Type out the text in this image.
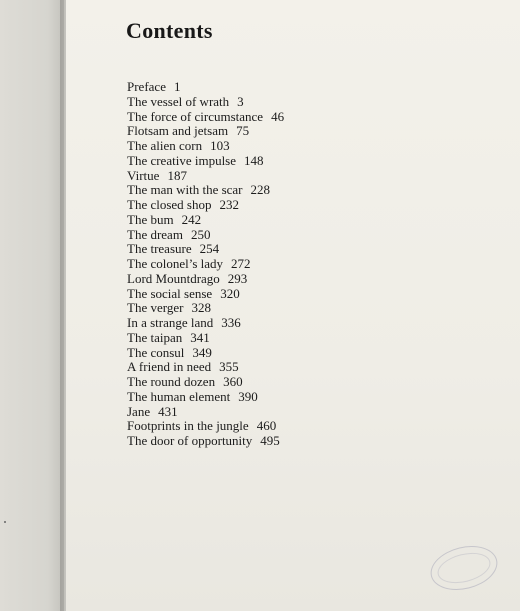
Contents
Preface 1
The vessel of wrath 3
The force of circumstance 46
Flotsam and jetsam 75
The alien corn 103
The creative impulse 148
Virtue 187
The man with the scar 228
The closed shop 232
The bum 242
The dream 250
The treasure 254
The colonel’s lady 272
Lord Mountdrago 293
The social sense 320
The verger 328
In a strange land 336
The taipan 341
The consul 349
A friend in need 355
The round dozen 360
The human element 390
Jane 431
Footprints in the jungle 460
The door of opportunity 495
